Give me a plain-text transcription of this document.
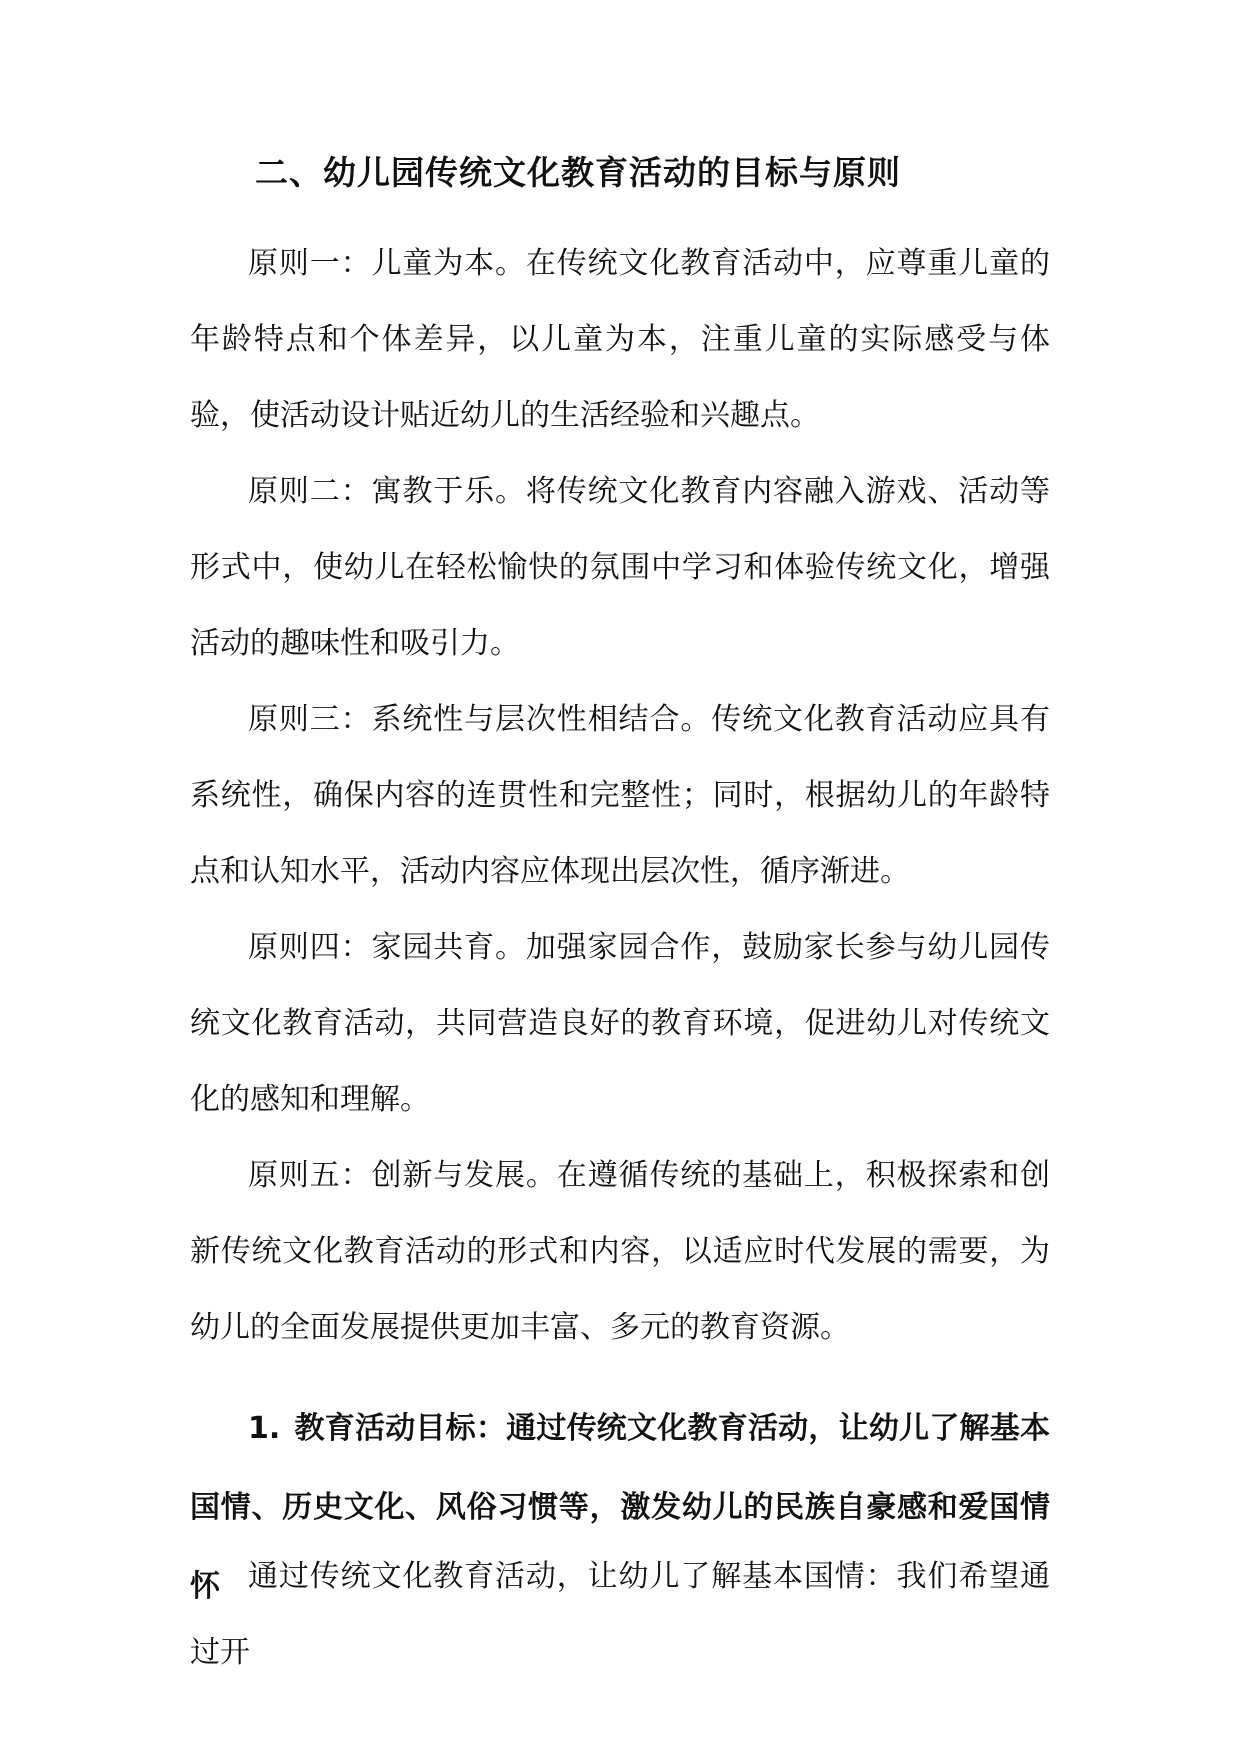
二、幼儿园传统文化教育活动的目标与原则

原则一：儿童为本。在传统文化教育活动中，应尊重儿童的年龄特点和个体差异，以儿童为本，注重儿童的实际感受与体验，使活动设计贴近幼儿的生活经验和兴趣点。

原则二：寓教于乐。将传统文化教育内容融入游戏、活动等形式中，使幼儿在轻松愉快的氛围中学习和体验传统文化，增强活动的趣味性和吸引力。

原则三：系统性与层次性相结合。传统文化教育活动应具有系统性，确保内容的连贯性和完整性；同时，根据幼儿的年龄特点和认知水平，活动内容应体现出层次性，循序渐进。

原则四：家园共育。加强家园合作，鼓励家长参与幼儿园传统文化教育活动，共同营造良好的教育环境，促进幼儿对传统文化的感知和理解。

原则五：创新与发展。在遵循传统的基础上，积极探索和创新传统文化教育活动的形式和内容，以适应时代发展的需要，为幼儿的全面发展提供更加丰富、多元的教育资源。

1. 教育活动目标：通过传统文化教育活动，让幼儿了解基本国情、历史文化、风俗习惯等，激发幼儿的民族自豪感和爱国情怀 通过传统文化教育活动，让幼儿了解基本国情：我们希望通过开
